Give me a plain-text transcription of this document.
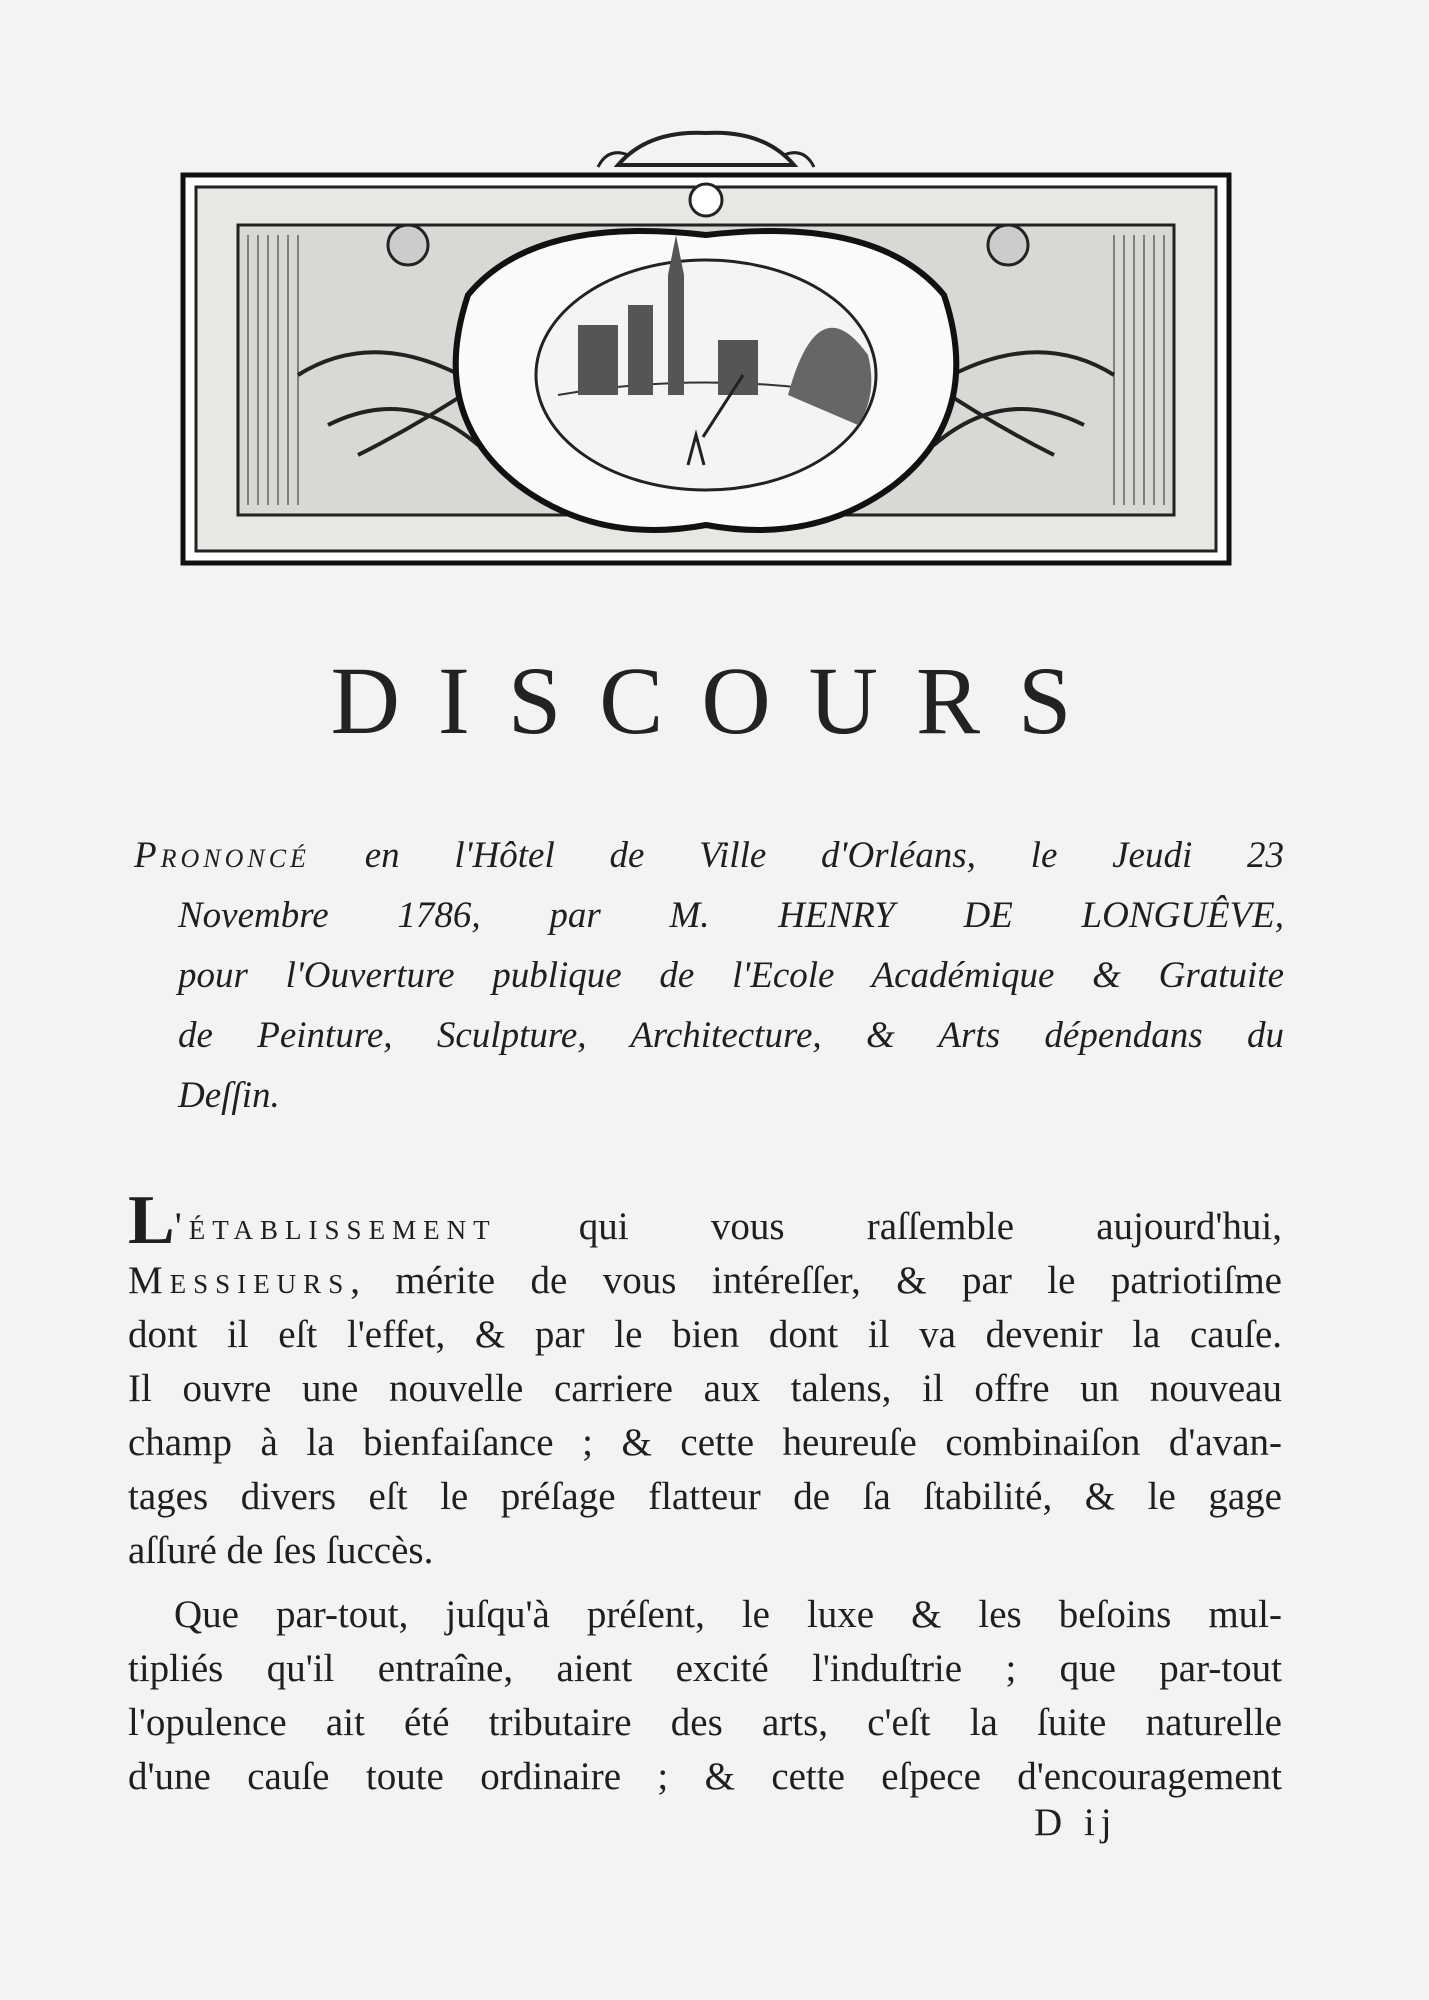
DISCOURS
Prononcé en l'Hôtel de Ville d'Orléans, le Jeudi 23
Novembre 1786, par M. HENRY DE LONGUÊVE,
pour l'Ouverture publique de l'Ecole Académique & Gratuite
de Peinture, Sculpture, Architecture, & Arts dépendans du
Deſſin.
L'établissement qui vous raſſemble aujourd'hui,
Messieurs, mérite de vous intéreſſer, & par le patriotiſme
dont il eſt l'effet, & par le bien dont il va devenir la cauſe.
Il ouvre une nouvelle carriere aux talens, il offre un nouveau
champ à la bienfaiſance ; & cette heureuſe combinaiſon d'avan-
tages divers eſt le préſage flatteur de ſa ſtabilité, & le gage
aſſuré de ſes ſuccès.
Que par-tout, juſqu'à préſent, le luxe & les beſoins mul-
tipliés qu'il entraîne, aient excité l'induſtrie ; que par-tout
l'opulence ait été tributaire des arts, c'eſt la ſuite naturelle
d'une cauſe toute ordinaire ; & cette eſpece d'encouragement
D ij
